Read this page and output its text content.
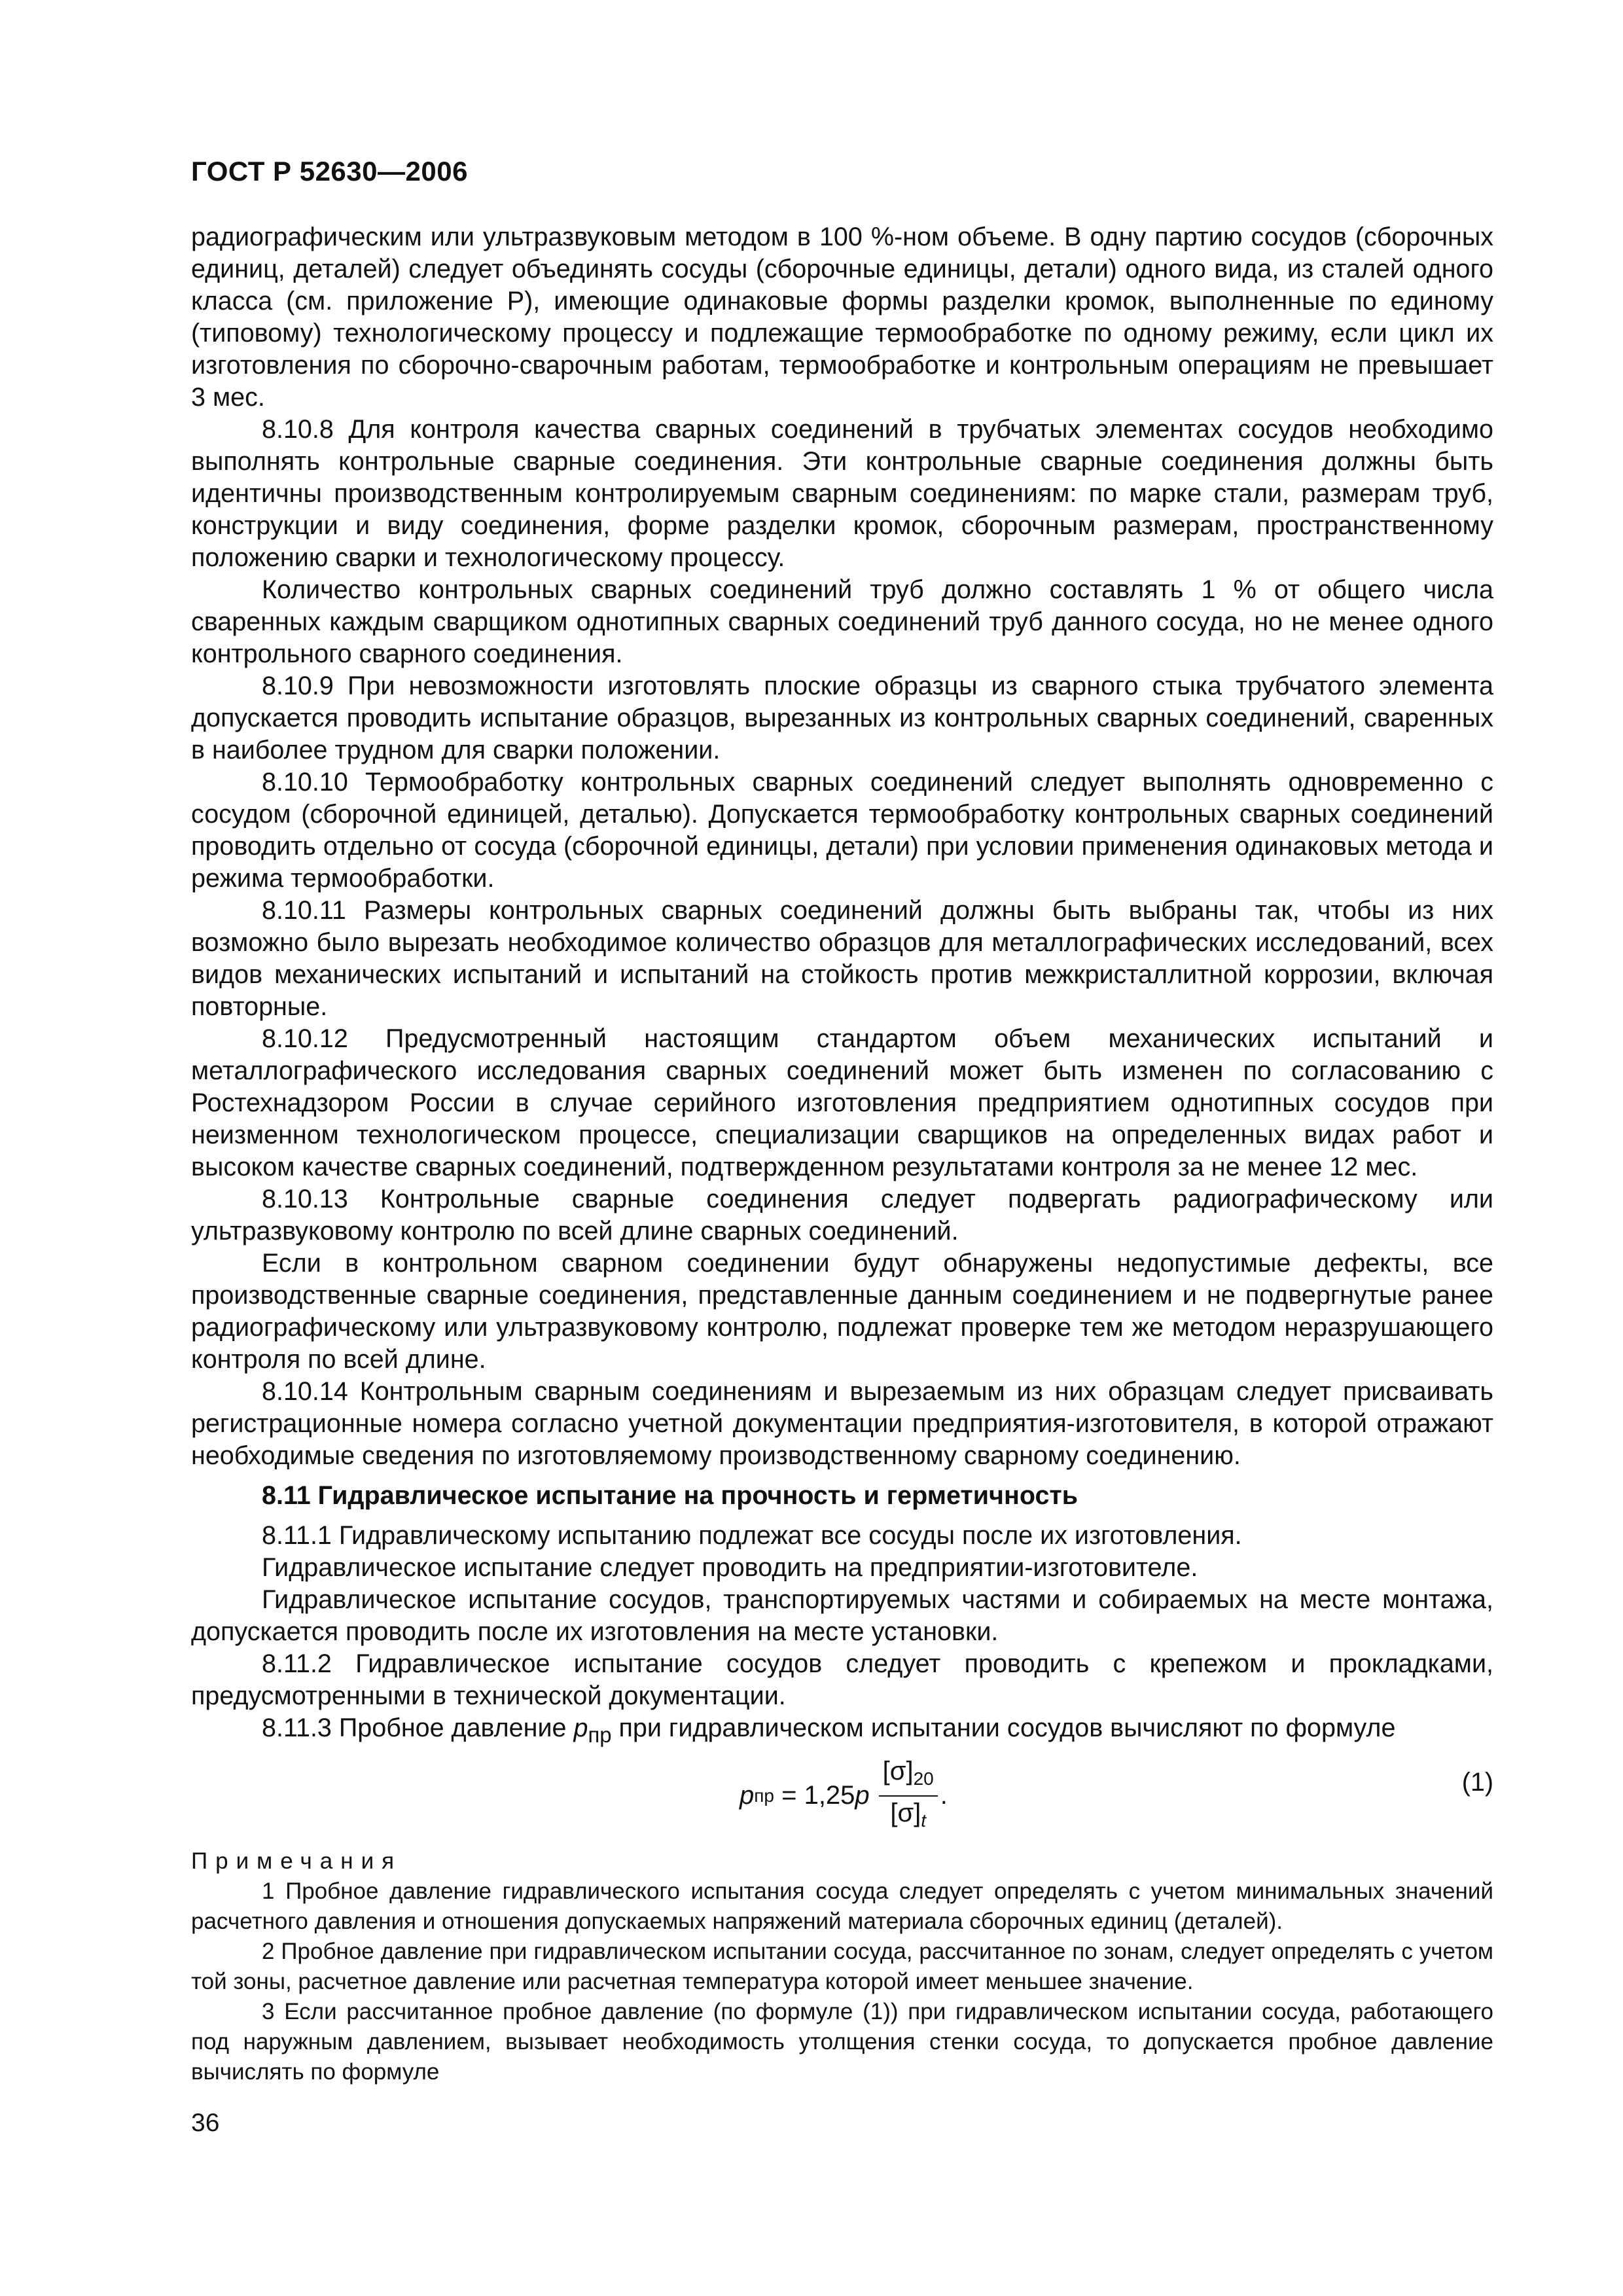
ГОСТ Р 52630—2006

радиографическим или ультразвуковым методом в 100 %-ном объеме. В одну партию сосудов (сборочных единиц, деталей) следует объединять сосуды (сборочные единицы, детали) одного вида, из сталей одного класса (см. приложение Р), имеющие одинаковые формы разделки кромок, выполненные по единому (типовому) технологическому процессу и подлежащие термообработке по одному режиму, если цикл их изготовления по сборочно-сварочным работам, термообработке и контрольным операциям не превышает 3 мес.

8.10.8 Для контроля качества сварных соединений в трубчатых элементах сосудов необходимо выполнять контрольные сварные соединения. Эти контрольные сварные соединения должны быть идентичны производственным контролируемым сварным соединениям: по марке стали, размерам труб, конструкции и виду соединения, форме разделки кромок, сборочным размерам, пространственному положению сварки и технологическому процессу.

Количество контрольных сварных соединений труб должно составлять 1 % от общего числа сваренных каждым сварщиком однотипных сварных соединений труб данного сосуда, но не менее одного контрольного сварного соединения.

8.10.9 При невозможности изготовлять плоские образцы из сварного стыка трубчатого элемента допускается проводить испытание образцов, вырезанных из контрольных сварных соединений, сваренных в наиболее трудном для сварки положении.

8.10.10 Термообработку контрольных сварных соединений следует выполнять одновременно с сосудом (сборочной единицей, деталью). Допускается термообработку контрольных сварных соединений проводить отдельно от сосуда (сборочной единицы, детали) при условии применения одинаковых метода и режима термообработки.

8.10.11 Размеры контрольных сварных соединений должны быть выбраны так, чтобы из них возможно было вырезать необходимое количество образцов для металлографических исследований, всех видов механических испытаний и испытаний на стойкость против межкристаллитной коррозии, включая повторные.

8.10.12 Предусмотренный настоящим стандартом объем механических испытаний и металлографического исследования сварных соединений может быть изменен по согласованию с Ростехнадзором России в случае серийного изготовления предприятием однотипных сосудов при неизменном технологическом процессе, специализации сварщиков на определенных видах работ и высоком качестве сварных соединений, подтвержденном результатами контроля за не менее 12 мес.

8.10.13 Контрольные сварные соединения следует подвергать радиографическому или ультразвуковому контролю по всей длине сварных соединений.

Если в контрольном сварном соединении будут обнаружены недопустимые дефекты, все производственные сварные соединения, представленные данным соединением и не подвергнутые ранее радиографическому или ультразвуковому контролю, подлежат проверке тем же методом неразрушающего контроля по всей длине.

8.10.14 Контрольным сварным соединениям и вырезаемым из них образцам следует присваивать регистрационные номера согласно учетной документации предприятия-изготовителя, в которой отражают необходимые сведения по изготовляемому производственному сварному соединению.

8.11 Гидравлическое испытание на прочность и герметичность

8.11.1 Гидравлическому испытанию подлежат все сосуды после их изготовления.

Гидравлическое испытание следует проводить на предприятии-изготовителе.

Гидравлическое испытание сосудов, транспортируемых частями и собираемых на месте монтажа, допускается проводить после их изготовления на месте установки.

8.11.2 Гидравлическое испытание сосудов следует проводить с крепежом и прокладками, предусмотренными в технической документации.

8.11.3 Пробное давление $p_{пр}$ при гидравлическом испытании сосудов вычисляют по формуле

p пр = 1,25 p $\frac{[\sigma]_{20}}{[\sigma]_t}$ .	(1)

Примечания

1 Пробное давление гидравлического испытания сосуда следует определять с учетом минимальных значений расчетного давления и отношения допускаемых напряжений материала сборочных единиц (деталей).

2 Пробное давление при гидравлическом испытании сосуда, рассчитанное по зонам, следует определять с учетом той зоны, расчетное давление или расчетная температура которой имеет меньшее значение.

3 Если рассчитанное пробное давление (по формуле (1)) при гидравлическом испытании сосуда, работающего под наружным давлением, вызывает необходимость утолщения стенки сосуда, то допускается пробное давление вычислять по формуле

36
